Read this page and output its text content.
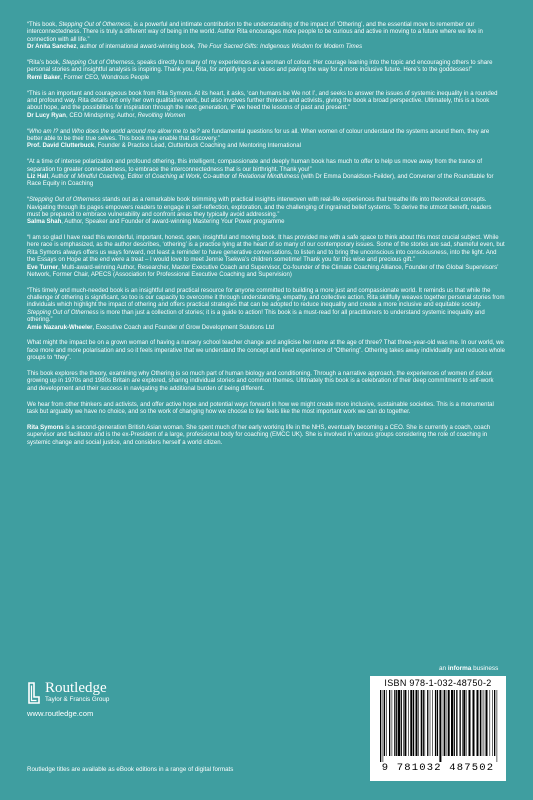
“This book, Stepping Out of Otherness, is a powerful and intimate contribution to the understanding of the impact of ‘Othering’, and the essential move to remember our interconnectedness. There is truly a different way of being in the world. Author Rita encourages more people to be curious and active in moving to a future where we live in connection with all life.”

Dr Anita Sanchez, author of international award-winning book, The Four Sacred Gifts: Indigenous Wisdom for Modern Times

“Rita’s book, Stepping Out of Otherness, speaks directly to many of my experiences as a woman of colour. Her courage leaning into the topic and encouraging others to share personal stories and insightful analysis is inspiring. Thank you, Rita, for amplifying our voices and paving the way for a more inclusive future. Here’s to the goddesses!”

Remi Baker, Former CEO, Wondrous People

“This is an important and courageous book from Rita Symons. At its heart, it asks, ‘can humans be We not I’, and seeks to answer the issues of systemic inequality in a rounded and profound way. Rita details not only her own qualitative work, but also involves further thinkers and activists, giving the book a broad perspective. Ultimately, this is a book about hope, and the possibilities for inspiration through the next generation, IF we heed the lessons of past and present.”

Dr Lucy Ryan, CEO Mindspring; Author, Revolting Women

“Who am I? and Who does the world around me allow me to be? are fundamental questions for us all. When women of colour understand the systems around them, they are better able to be their true selves. This book may enable that discovery.”

Prof. David Clutterbuck, Founder & Practice Lead, Clutterbuck Coaching and Mentoring International

“At a time of intense polarization and profound othering, this intelligent, compassionate and deeply human book has much to offer to help us move away from the trance of separation to greater connectedness, to embrace the interconnectedness that is our birthright. Thank you!”

Liz Hall, Author of Mindful Coaching, Editor of Coaching at Work, Co-author of Relational Mindfulness (with Dr Emma Donaldson-Feilder), and Convener of the Roundtable for Race Equity in Coaching

“Stepping Out of Otherness stands out as a remarkable book brimming with practical insights interwoven with real-life experiences that breathe life into theoretical concepts. Navigating through its pages empowers readers to engage in self-reflection, exploration, and the challenging of ingrained belief systems. To derive the utmost benefit, readers must be prepared to embrace vulnerability and confront areas they typically avoid addressing.”

Salma Shah, Author, Speaker and Founder of award-winning Mastering Your Power programme

“I am so glad I have read this wonderful, important, honest, open, insightful and moving book. It has provided me with a safe space to think about this most crucial subject. While here race is emphasized, as the author describes, ‘othering’ is a practice lying at the heart of so many of our contemporary issues. Some of the stories are sad, shameful even, but Rita Symons always offers us ways forward, not least a reminder to have generative conversations, to listen and to bring the unconscious into consciousness, into the light. And the Essays on Hope at the end were a treat – I would love to meet Jennie Tsekwa’s children sometime! Thank you for this wise and precious gift.”

Eve Turner, Multi-award-winning Author, Researcher, Master Executive Coach and Supervisor, Co-founder of the Climate Coaching Alliance, Founder of the Global Supervisors’ Network, Former Chair, APECS (Association for Professional Executive Coaching and Supervision)

“This timely and much-needed book is an insightful and practical resource for anyone committed to building a more just and compassionate world. It reminds us that while the challenge of othering is significant, so too is our capacity to overcome it through understanding, empathy, and collective action. Rita skillfully weaves together personal stories from individuals which highlight the impact of othering and offers practical strategies that can be adopted to reduce inequality and create a more inclusive and equitable society. Stepping Out of Otherness is more than just a collection of stories; it is a guide to action! This book is a must-read for all practitioners to understand systemic inequality and othering.”

Amie Nazaruk-Wheeler, Executive Coach and Founder of Grow Development Solutions Ltd

What might the impact be on a grown woman of having a nursery school teacher change and anglicise her name at the age of three? That three-year-old was me. In our world, we face more and more polarisation and so it feels imperative that we understand the concept and lived experience of “Othering”. Othering takes away individuality and reduces whole groups to “they”.

This book explores the theory, examining why Othering is so much part of human biology and conditioning. Through a narrative approach, the experiences of women of colour growing up in 1970s and 1980s Britain are explored, sharing individual stories and common themes. Ultimately this book is a celebration of their deep commitment to self-work and development and their success in navigating the additional burden of being different.

We hear from other thinkers and activists, and offer active hope and potential ways forward in how we might create more inclusive, sustainable societies. This is a monumental task but arguably we have no choice, and so the work of changing how we choose to live feels like the most important work we can do together.

Rita Symons is a second-generation British Asian woman. She spent much of her early working life in the NHS, eventually becoming a CEO. She is currently a coach, coach supervisor and facilitator and is the ex-President of a large, professional body for coaching (EMCC UK). She is involved in various groups considering the role of coaching in systemic change and social justice, and considers herself a world citizen.

Routledge
Taylor & Francis Group
www.routledge.com
Routledge titles are available as eBook editions in a range of digital formats
an informa business
ISBN 978-1-032-48750-2
9 781032 487502
